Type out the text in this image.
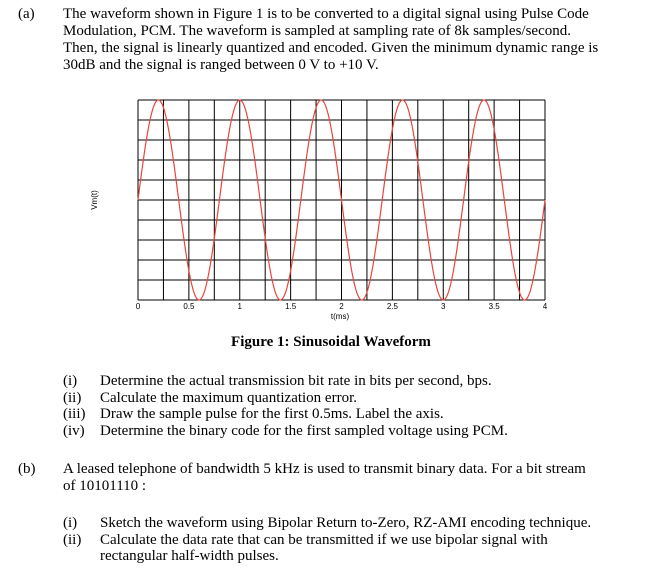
(a) The waveform shown in Figure 1 is to be converted to a digital signal using Pulse Code
Modulation, PCM. The waveform is sampled at sampling rate of 8k samples/second.
Then, the signal is linearly quantized and encoded. Given the minimum dynamic range is
30dB and the signal is ranged between 0 V to +10 V.
0	0.5	1	1.5	2	2.5	3	3.5	4
t(ms)
Vm(t)
Figure 1: Sinusoidal Waveform
(i)	Determine the actual transmission bit rate in bits per second, bps.
(ii)	Calculate the maximum quantization error.
(iii) Draw the sample pulse for the first 0.5ms. Label the axis.
(iv)	Determine the binary code for the first sampled voltage using PCM.
(b) A leased telephone of bandwidth 5 kHz is used to transmit binary data. For a bit stream
of 10101110 :
(i)	Sketch the waveform using Bipolar Return to-Zero, RZ-AMI encoding technique.
(ii)	Calculate the data rate that can be transmitted if we use bipolar signal with
rectangular half-width pulses.
